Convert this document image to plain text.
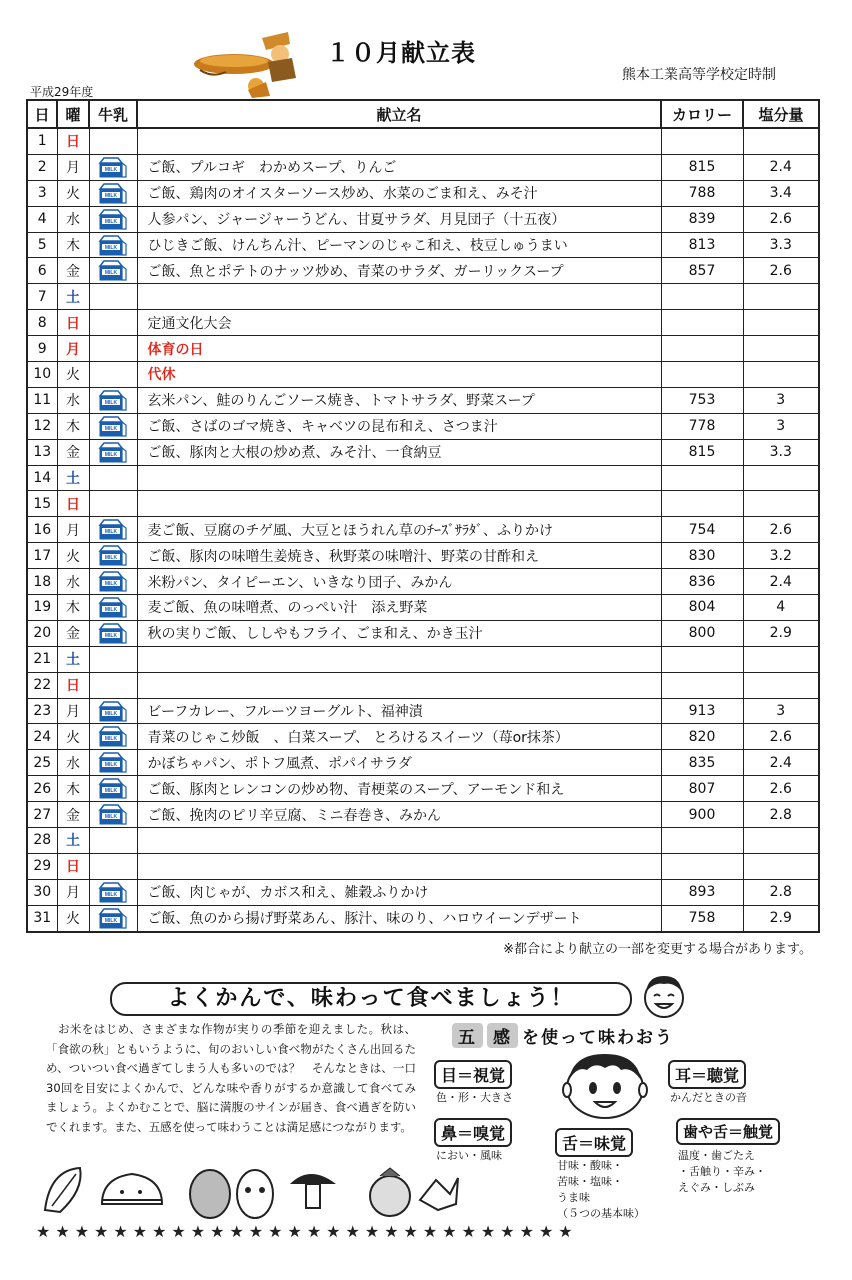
１０月献立表
熊本工業高等学校定時制
平成29年度
日	曜	牛乳	献立名	カロリー	塩分量
1	日				
2	月	MILK	ご飯、プルコギ　わかめスープ、りんご	815	2.4
3	火	MILK	ご飯、鶏肉のオイスターソース炒め、水菜のごま和え、みそ汁	788	3.4
4	水	MILK	人参パン、ジャージャーうどん、甘夏サラダ、月見団子（十五夜）	839	2.6
5	木	MILK	ひじきご飯、けんちん汁、ピーマンのじゃこ和え、枝豆しゅうまい	813	3.3
6	金	MILK	ご飯、魚とポテトのナッツ炒め、青菜のサラダ、ガーリックスープ	857	2.6
7	土				
8	日		定通文化大会		
9	月		体育の日		
10	火		代休		
11	水	MILK	玄米パン、鮭のりんごソース焼き、トマトサラダ、野菜スープ	753	3
12	木	MILK	ご飯、さばのゴマ焼き、キャベツの昆布和え、さつま汁	778	3
13	金	MILK	ご飯、豚肉と大根の炒め煮、みそ汁、一食納豆	815	3.3
14	土				
15	日				
16	月	MILK	麦ご飯、豆腐のチゲ風、大豆とほうれん草のﾁｰｽﾞｻﾗﾀﾞ、ふりかけ	754	2.6
17	火	MILK	ご飯、豚肉の味噌生姜焼き、秋野菜の味噌汁、野菜の甘酢和え	830	3.2
18	水	MILK	米粉パン、タイピーエン、いきなり団子、みかん	836	2.4
19	木	MILK	麦ご飯、魚の味噌煮、のっぺい汁　添え野菜	804	4
20	金	MILK	秋の実りご飯、ししやもフライ、ごま和え、かき玉汁	800	2.9
21	土				
22	日				
23	月	MILK	ビーフカレー、フルーツヨーグルト、福神漬	913	3
24	火	MILK	青菜のじゃこ炒飯　、白菜スープ、 とろけるスイーツ（苺or抹茶）	820	2.6
25	水	MILK	かぼちゃパン、ポトフ風煮、ポパイサラダ	835	2.4
26	木	MILK	ご飯、豚肉とレンコンの炒め物、青梗菜のスープ、アーモンド和え	807	2.6
27	金	MILK	ご飯、挽肉のピリ辛豆腐、ミニ春巻き、みかん	900	2.8
28	土				
29	日				
30	月	MILK	ご飯、肉じゃが、カボス和え、雑穀ふりかけ	893	2.8
31	火	MILK	ご飯、魚のから揚げ野菜あん、豚汁、味のり、ハロウイーンデザート	758	2.9
※都合により献立の一部を変更する場合があります。
よくかんで、味わって食べましょう！
　お米をはじめ、さまざまな作物が実りの季節を迎えました。秋は、「食欲の秋」ともいうように、旬のおいしい食べ物がたくさん出回るため、ついつい食べ過ぎてしまう人も多いのでは？　そんなときは、一口30回を目安によくかんで、どんな味や香りがするか意識して食べてみましょう。よくかむことで、脳に満腹のサインが届き、食べ過ぎを防いでくれます。また、五感を使って味わうことは満足感につながります。
五 感 を使って味わおう
目＝視覚
色・形・大きさ
耳＝聴覚
かんだときの音
鼻＝嗅覚
におい・風味
舌＝味覚
甘味・酸味・
苦味・塩味・
うま味
（５つの基本味）
歯や舌＝触覚
温度・歯ごたえ
・舌触り・辛み・
えぐみ・しぶみ
★★★★★★★★★★★★★★★★★★★★★★★★★★★★
